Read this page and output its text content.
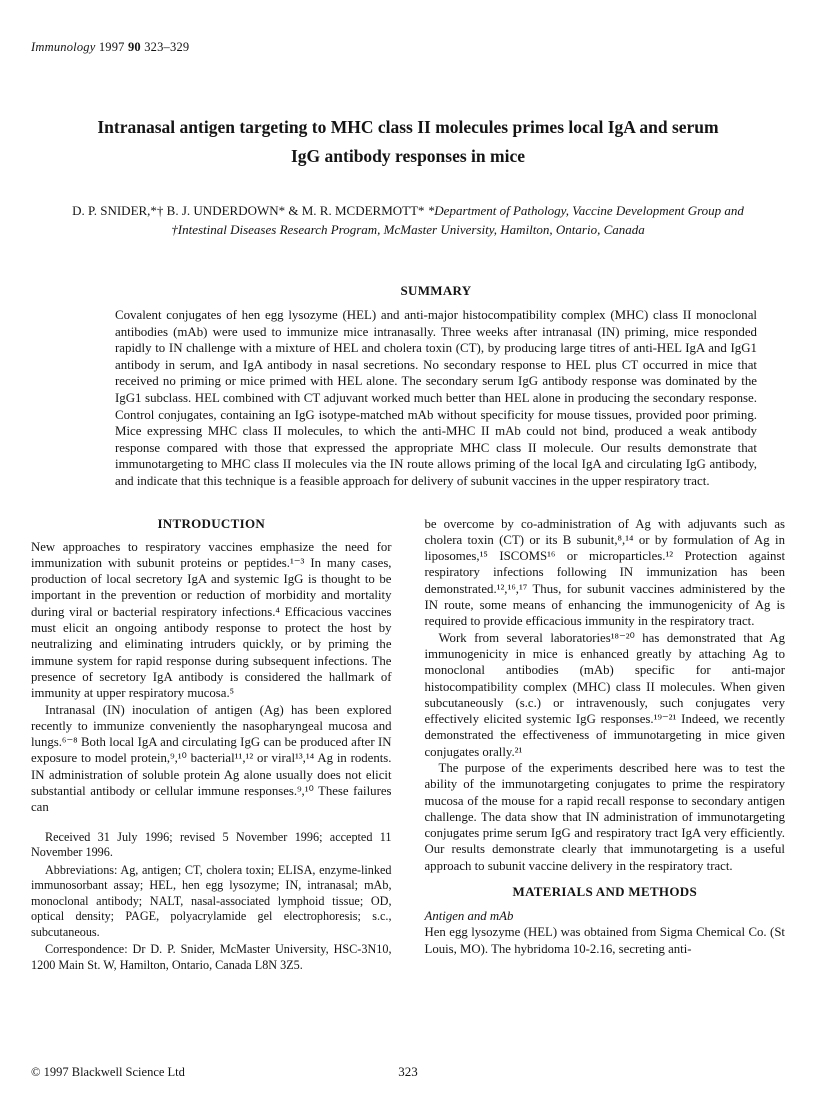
Immunology 1997 90 323–329
Intranasal antigen targeting to MHC class II molecules primes local IgA and serum IgG antibody responses in mice
D. P. SNIDER,*† B. J. UNDERDOWN* & M. R. MCDERMOTT* *Department of Pathology, Vaccine Development Group and
†Intestinal Diseases Research Program, McMaster University, Hamilton, Ontario, Canada
SUMMARY

Covalent conjugates of hen egg lysozyme (HEL) and anti-major histocompatibility complex (MHC) class II monoclonal antibodies (mAb) were used to immunize mice intranasally. Three weeks after intranasal (IN) priming, mice responded rapidly to IN challenge with a mixture of HEL and cholera toxin (CT), by producing large titres of anti-HEL IgA and IgG1 antibody in serum, and IgA antibody in nasal secretions. No secondary response to HEL plus CT occurred in mice that received no priming or mice primed with HEL alone. The secondary serum IgG antibody response was dominated by the IgG1 subclass. HEL combined with CT adjuvant worked much better than HEL alone in producing the secondary response. Control conjugates, containing an IgG isotype-matched mAb without specificity for mouse tissues, provided poor priming. Mice expressing MHC class II molecules, to which the anti-MHC II mAb could not bind, produced a weak antibody response compared with those that expressed the appropriate MHC class II molecule. Our results demonstrate that immunotargeting to MHC class II molecules via the IN route allows priming of the local IgA and circulating IgG antibody, and indicate that this technique is a feasible approach for delivery of subunit vaccines in the upper respiratory tract.

INTRODUCTION

New approaches to respiratory vaccines emphasize the need for immunization with subunit proteins or peptides.¹⁻³ In many cases, production of local secretory IgA and systemic IgG is thought to be important in the prevention or reduction of morbidity and mortality during viral or bacterial respiratory infections.⁴ Efficacious vaccines must elicit an ongoing antibody response to protect the host by neutralizing and eliminating intruders quickly, or by priming the immune system for rapid response during subsequent infections. The presence of secretory IgA antibody is considered the hallmark of immunity at upper respiratory mucosa.⁵

Intranasal (IN) inoculation of antigen (Ag) has been explored recently to immunize conveniently the nasopharyngeal mucosa and lungs.⁶⁻⁸ Both local IgA and circulating IgG can be produced after IN exposure to model protein,⁹,¹⁰ bacterial¹¹,¹² or viral¹³,¹⁴ Ag in rodents. IN administration of soluble protein Ag alone usually does not elicit substantial antibody or cellular immune responses.⁹,¹⁰ These failures can

Received 31 July 1996; revised 5 November 1996; accepted 11 November 1996.

Abbreviations: Ag, antigen; CT, cholera toxin; ELISA, enzyme-linked immunosorbant assay; HEL, hen egg lysozyme; IN, intranasal; mAb, monoclonal antibody; NALT, nasal-associated lymphoid tissue; OD, optical density; PAGE, polyacrylamide gel electrophoresis; s.c., subcutaneous.

Correspondence: Dr D. P. Snider, McMaster University, HSC-3N10, 1200 Main St. W, Hamilton, Ontario, Canada L8N 3Z5.

be overcome by co-administration of Ag with adjuvants such as cholera toxin (CT) or its B subunit,⁸,¹⁴ or by formulation of Ag in liposomes,¹⁵ ISCOMS¹⁶ or microparticles.¹² Protection against respiratory infections following IN immunization has been demonstrated.¹²,¹⁶,¹⁷ Thus, for subunit vaccines administered by the IN route, some means of enhancing the immunogenicity of Ag is required to provide efficacious immunity in the respiratory tract.

Work from several laboratories¹⁸⁻²⁰ has demonstrated that Ag immunogenicity in mice is enhanced greatly by attaching Ag to monoclonal antibodies (mAb) specific for anti-major histocompatibility complex (MHC) class II molecules. When given subcutaneously (s.c.) or intravenously, such conjugates very effectively elicited systemic IgG responses.¹⁹⁻²¹ Indeed, we recently demonstrated the effectiveness of immunotargeting in mice given conjugates orally.²¹

The purpose of the experiments described here was to test the ability of the immunotargeting conjugates to prime the respiratory mucosa of the mouse for a rapid recall response to secondary antigen challenge. The data show that IN administration of immunotargeting conjugates prime serum IgG and respiratory tract IgA very efficiently. Our results demonstrate clearly that immunotargeting is a useful approach to subunit vaccine delivery in the respiratory tract.

MATERIALS AND METHODS
Antigen and mAb

Hen egg lysozyme (HEL) was obtained from Sigma Chemical Co. (St Louis, MO). The hybridoma 10-2.16, secreting anti-

© 1997 Blackwell Science Ltd	323
